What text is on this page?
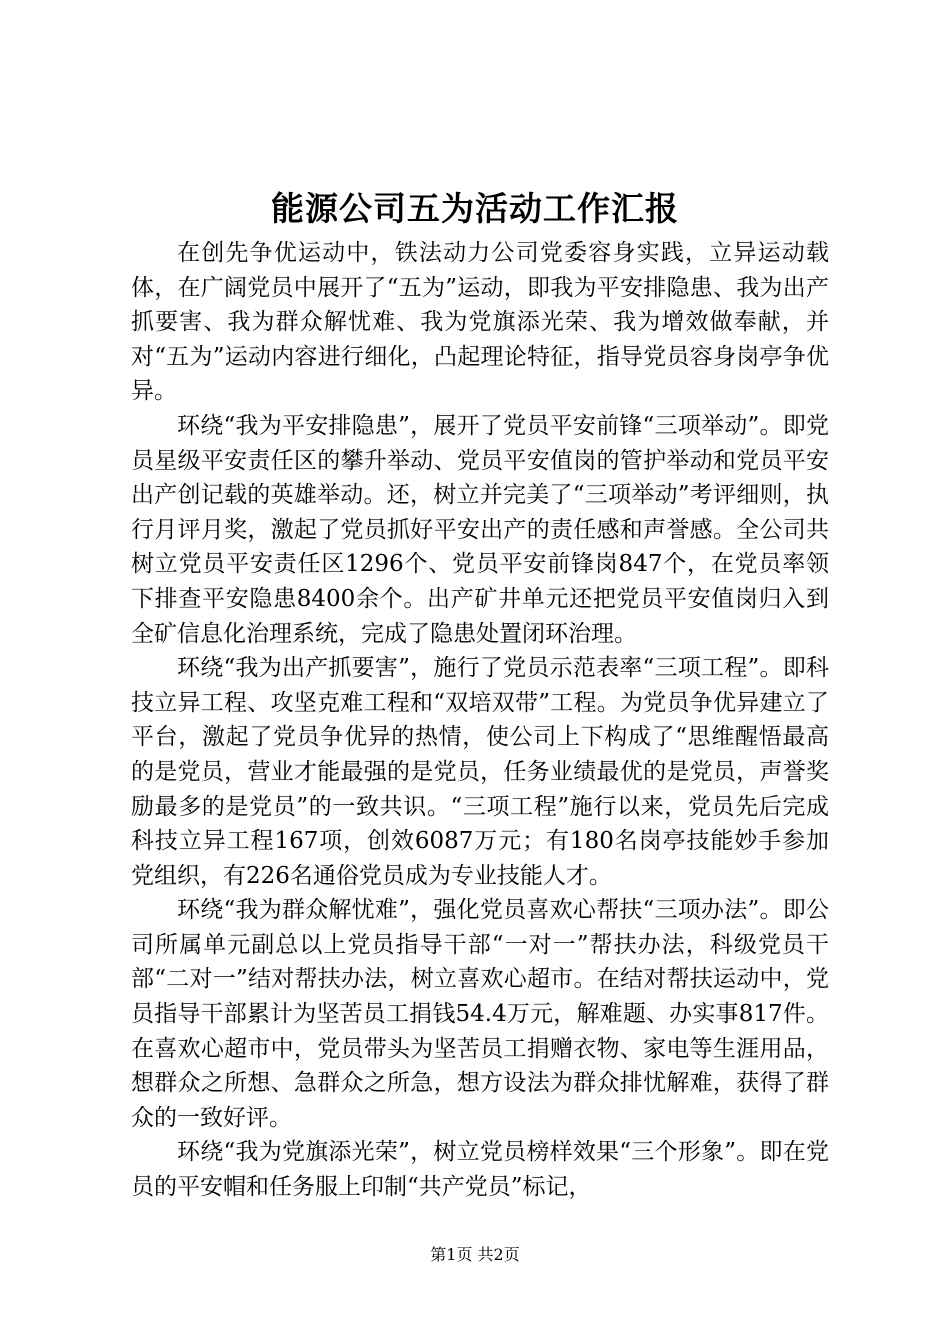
能源公司五为活动工作汇报

在创先争优运动中，铁法动力公司党委容身实践，立异运动载体，在广阔党员中展开了“五为”运动，即我为平安排隐患、我为出产抓要害、我为群众解忧难、我为党旗添光荣、我为增效做奉献，并对“五为”运动内容进行细化，凸起理论特征，指导党员容身岗亭争优异。

环绕“我为平安排隐患”，展开了党员平安前锋“三项举动”。即党员星级平安责任区的攀升举动、党员平安值岗的管护举动和党员平安出产创记载的英雄举动。还，树立并完美了“三项举动”考评细则，执行月评月奖，激起了党员抓好平安出产的责任感和声誉感。全公司共树立党员平安责任区1296个、党员平安前锋岗847个，在党员率领下排查平安隐患8400余个。出产矿井单元还把党员平安值岗归入到全矿信息化治理系统，完成了隐患处置闭环治理。

环绕“我为出产抓要害”，施行了党员示范表率“三项工程”。即科技立异工程、攻坚克难工程和“双培双带”工程。为党员争优异建立了平台，激起了党员争优异的热情，使公司上下构成了“思维醒悟最高的是党员，营业才能最强的是党员，任务业绩最优的是党员，声誉奖励最多的是党员”的一致共识。“三项工程”施行以来，党员先后完成科技立异工程167项，创效6087万元；有180名岗亭技能妙手参加党组织，有226名通俗党员成为专业技能人才。

环绕“我为群众解忧难”，强化党员喜欢心帮扶“三项办法”。即公司所属单元副总以上党员指导干部“一对一”帮扶办法，科级党员干部“二对一”结对帮扶办法，树立喜欢心超市。在结对帮扶运动中，党员指导干部累计为坚苦员工捐钱54.4万元，解难题、办实事817件。在喜欢心超市中，党员带头为坚苦员工捐赠衣物、家电等生涯用品，想群众之所想、急群众之所急，想方设法为群众排忧解难，获得了群众的一致好评。

环绕“我为党旗添光荣”，树立党员榜样效果“三个形象”。即在党员的平安帽和任务服上印制“共产党员”标记，

第1页 共2页
